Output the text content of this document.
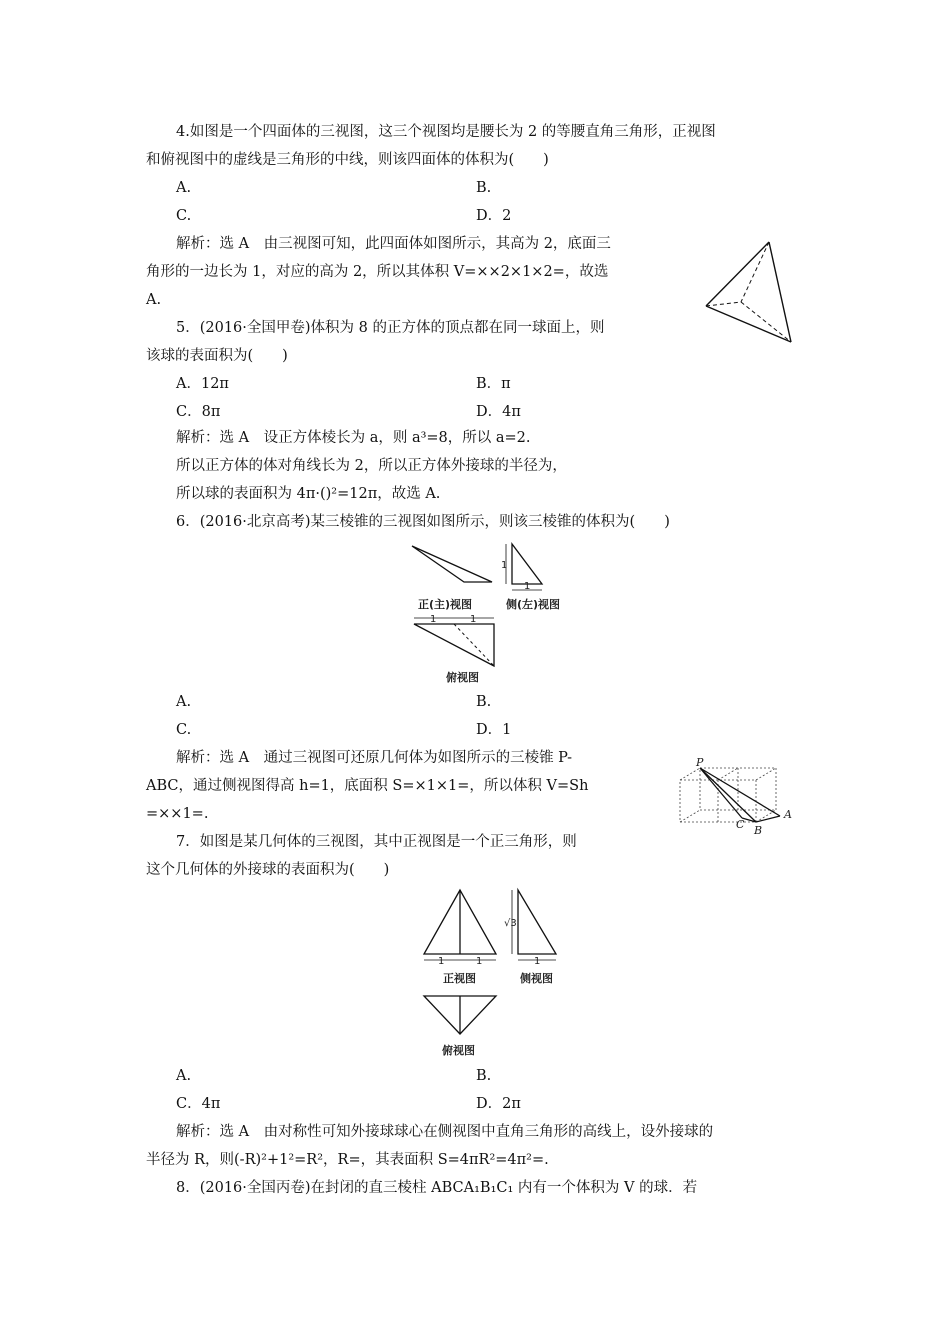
4.如图是一个四面体的三视图，这三个视图均是腰长为 2 的等腰直角三角形，正视图
和俯视图中的虚线是三角形的中线，则该四面体的体积为(　　)
A.	B.
C.	D．2
解析：选 A　由三视图可知，此四面体如图所示，其高为 2，底面三
角形的一边长为 1，对应的高为 2，所以其体积 V=××2×1×2=，故选
A.
5．(2016·全国甲卷)体积为 8 的正方体的顶点都在同一球面上，则
该球的表面积为(　　)
A．12π	B．π
C．8π	D．4π
解析：选 A　设正方体棱长为 a，则 a³=8，所以 a=2.
所以正方体的体对角线长为 2，所以正方体外接球的半径为，
所以球的表面积为 4π·()²=12π，故选 A.
6．(2016·北京高考)某三棱锥的三视图如图所示，则该三棱锥的体积为(　　)
正(主)视图
1
1
侧(左)视图
1	1
俯视图
A.	B.
C.	D．1
解析：选 A　通过三视图可还原几何体为如图所示的三棱锥 P-
ABC，通过侧视图得高 h=1，底面积 S=×1×1=，所以体积 V=Sh
=××1=.
P
A
B
C
7．如图是某几何体的三视图，其中正视图是一个正三角形，则
这个几何体的外接球的表面积为(　　)
1	1
正视图
√3
1
侧视图
俯视图
A.	B.
C．4π	D．2π
解析：选 A　由对称性可知外接球球心在侧视图中直角三角形的高线上，设外接球的
半径为 R，则(-R)²+1²=R²，R=，其表面积 S=4πR²=4π²=.
8．(2016·全国丙卷)在封闭的直三棱柱 ABCA₁B₁C₁ 内有一个体积为 V 的球．若
